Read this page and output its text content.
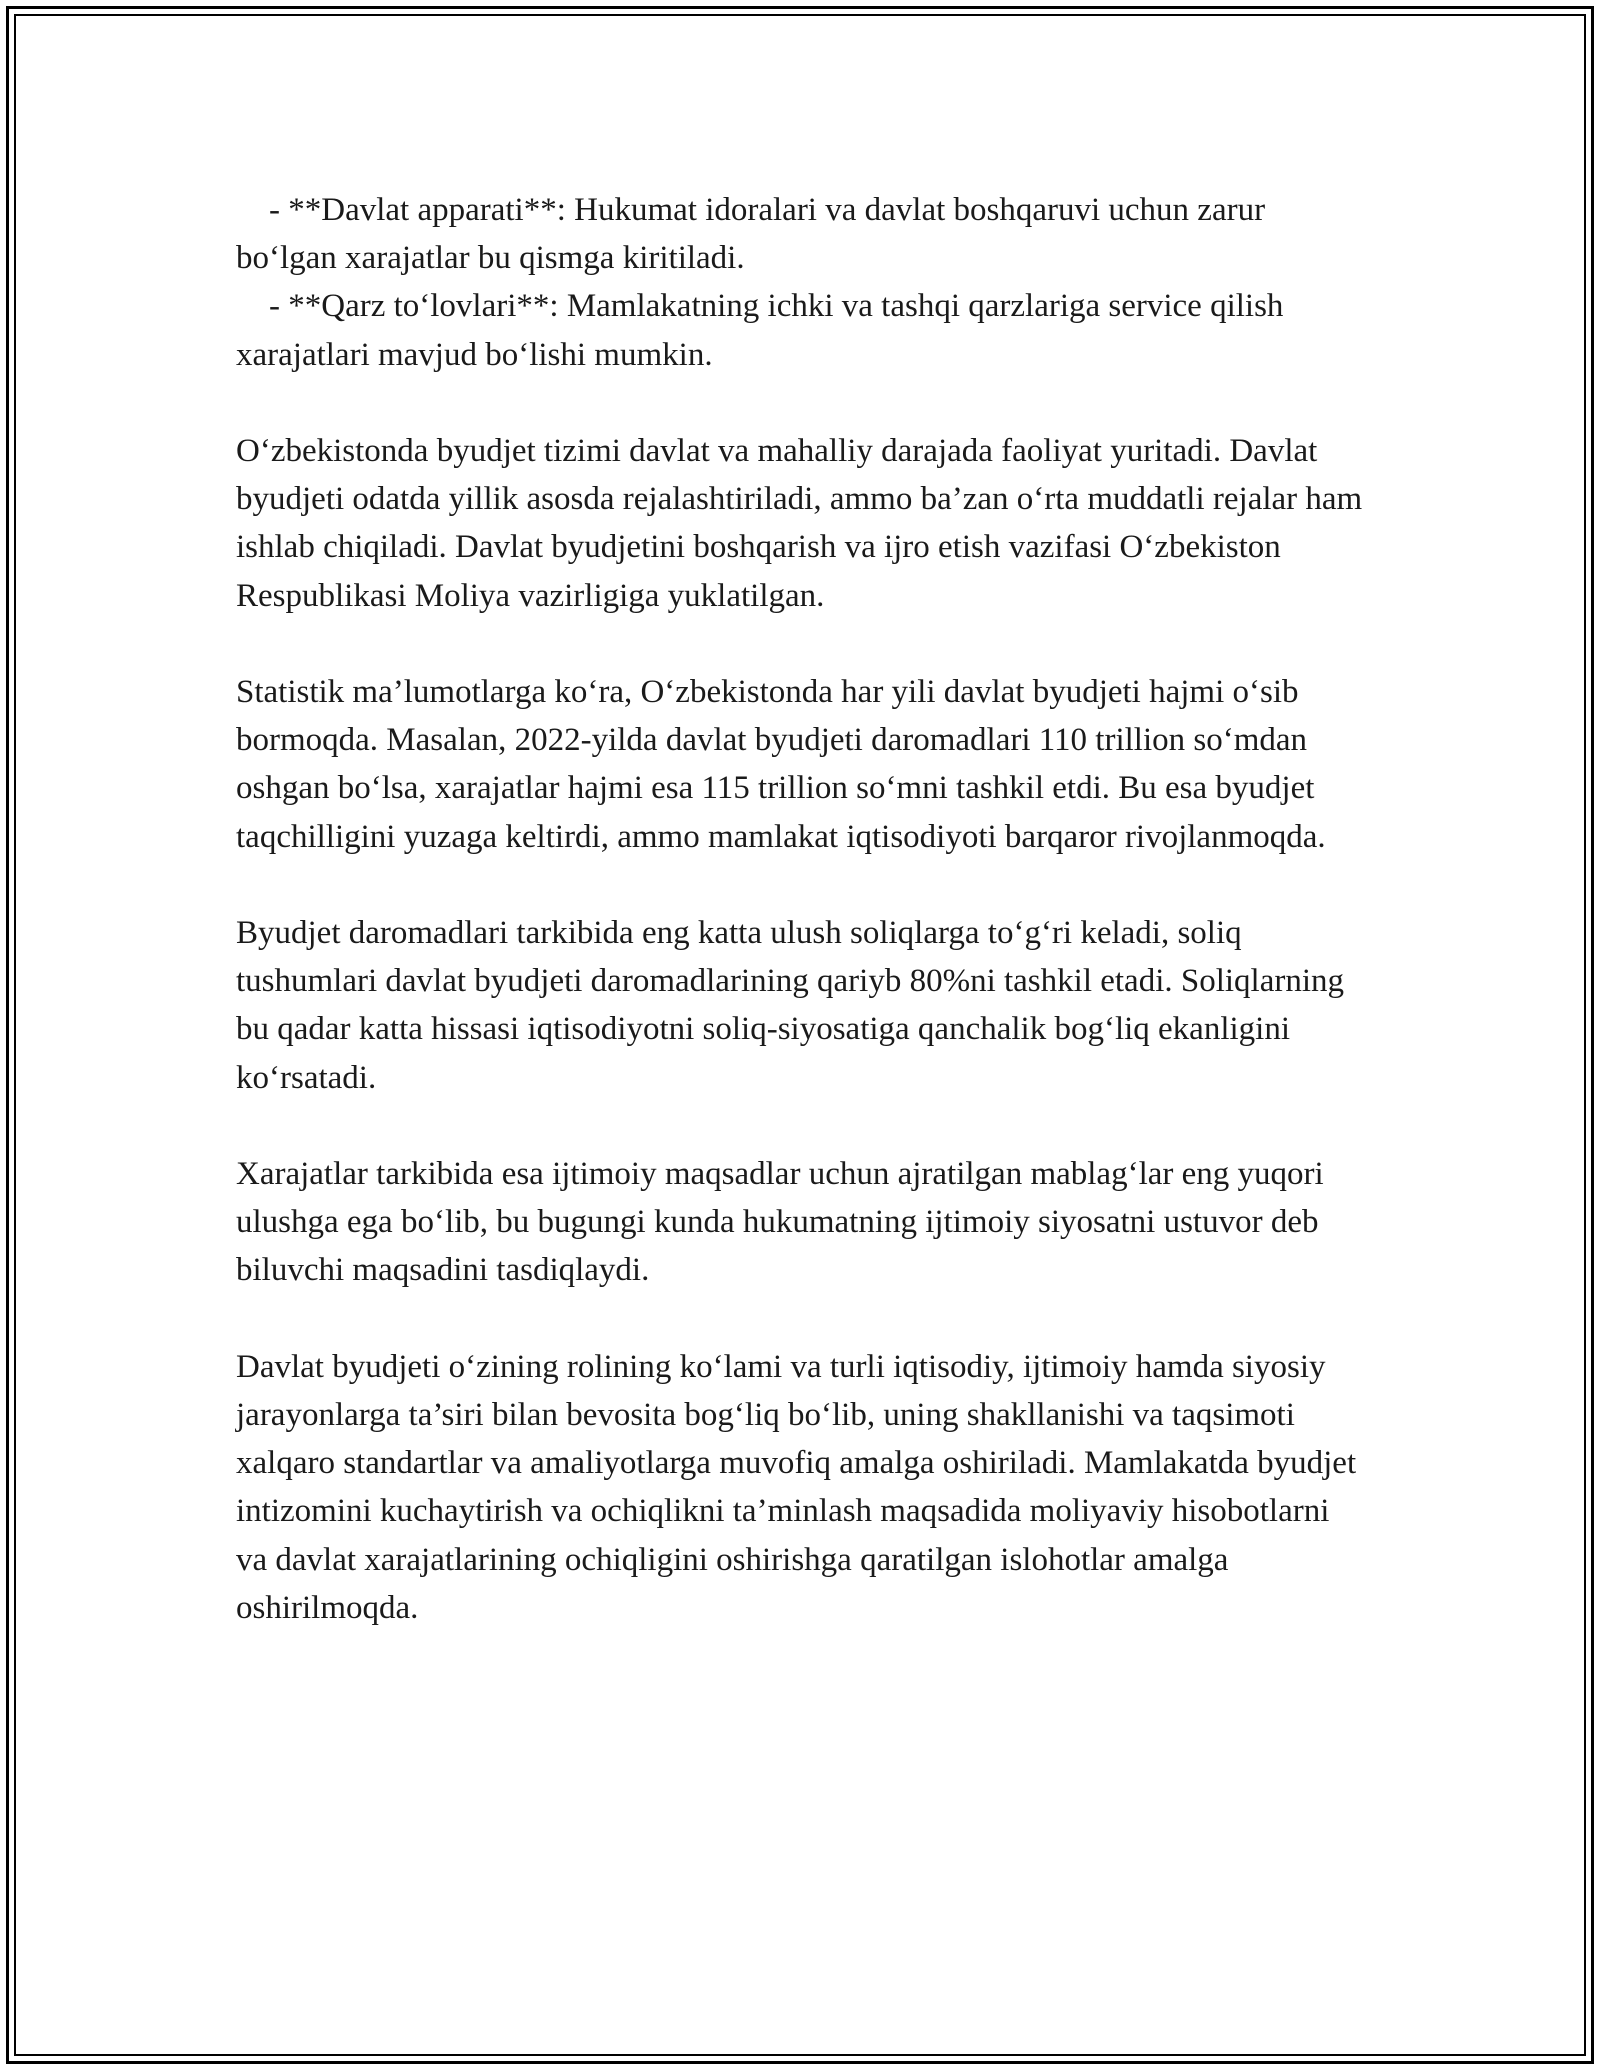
- **Davlat apparati**: Hukumat idoralari va davlat boshqaruvi uchun zarur bo‘lgan xarajatlar bu qismga kiritiladi.

- **Qarz to‘lovlari**: Mamlakatning ichki va tashqi qarzlariga service qilish xarajatlari mavjud bo‘lishi mumkin.

O‘zbekistonda byudjet tizimi davlat va mahalliy darajada faoliyat yuritadi. Davlat byudjeti odatda yillik asosda rejalashtiriladi, ammo ba’zan o‘rta muddatli rejalar ham ishlab chiqiladi. Davlat byudjetini boshqarish va ijro etish vazifasi O‘zbekiston Respublikasi Moliya vazirligiga yuklatilgan.

Statistik ma’lumotlarga ko‘ra, O‘zbekistonda har yili davlat byudjeti hajmi o‘sib bormoqda. Masalan, 2022-yilda davlat byudjeti daromadlari 110 trillion so‘mdan oshgan bo‘lsa, xarajatlar hajmi esa 115 trillion so‘mni tashkil etdi. Bu esa byudjet taqchilligini yuzaga keltirdi, ammo mamlakat iqtisodiyoti barqaror rivojlanmoqda.

Byudjet daromadlari tarkibida eng katta ulush soliqlarga to‘g‘ri keladi, soliq tushumlari davlat byudjeti daromadlarining qariyb 80%ni tashkil etadi. Soliqlarning bu qadar katta hissasi iqtisodiyotni soliq-siyosatiga qanchalik bog‘liq ekanligini ko‘rsatadi.

Xarajatlar tarkibida esa ijtimoiy maqsadlar uchun ajratilgan mablag‘lar eng yuqori ulushga ega bo‘lib, bu bugungi kunda hukumatning ijtimoiy siyosatni ustuvor deb biluvchi maqsadini tasdiqlaydi.

Davlat byudjeti o‘zining rolining ko‘lami va turli iqtisodiy, ijtimoiy hamda siyosiy jarayonlarga ta’siri bilan bevosita bog‘liq bo‘lib, uning shakllanishi va taqsimoti xalqaro standartlar va amaliyotlarga muvofiq amalga oshiriladi. Mamlakatda byudjet intizomini kuchaytirish va ochiqlikni ta’minlash maqsadida moliyaviy hisobotlarni va davlat xarajatlarining ochiqligini oshirishga qaratilgan islohotlar amalga oshirilmoqda.
